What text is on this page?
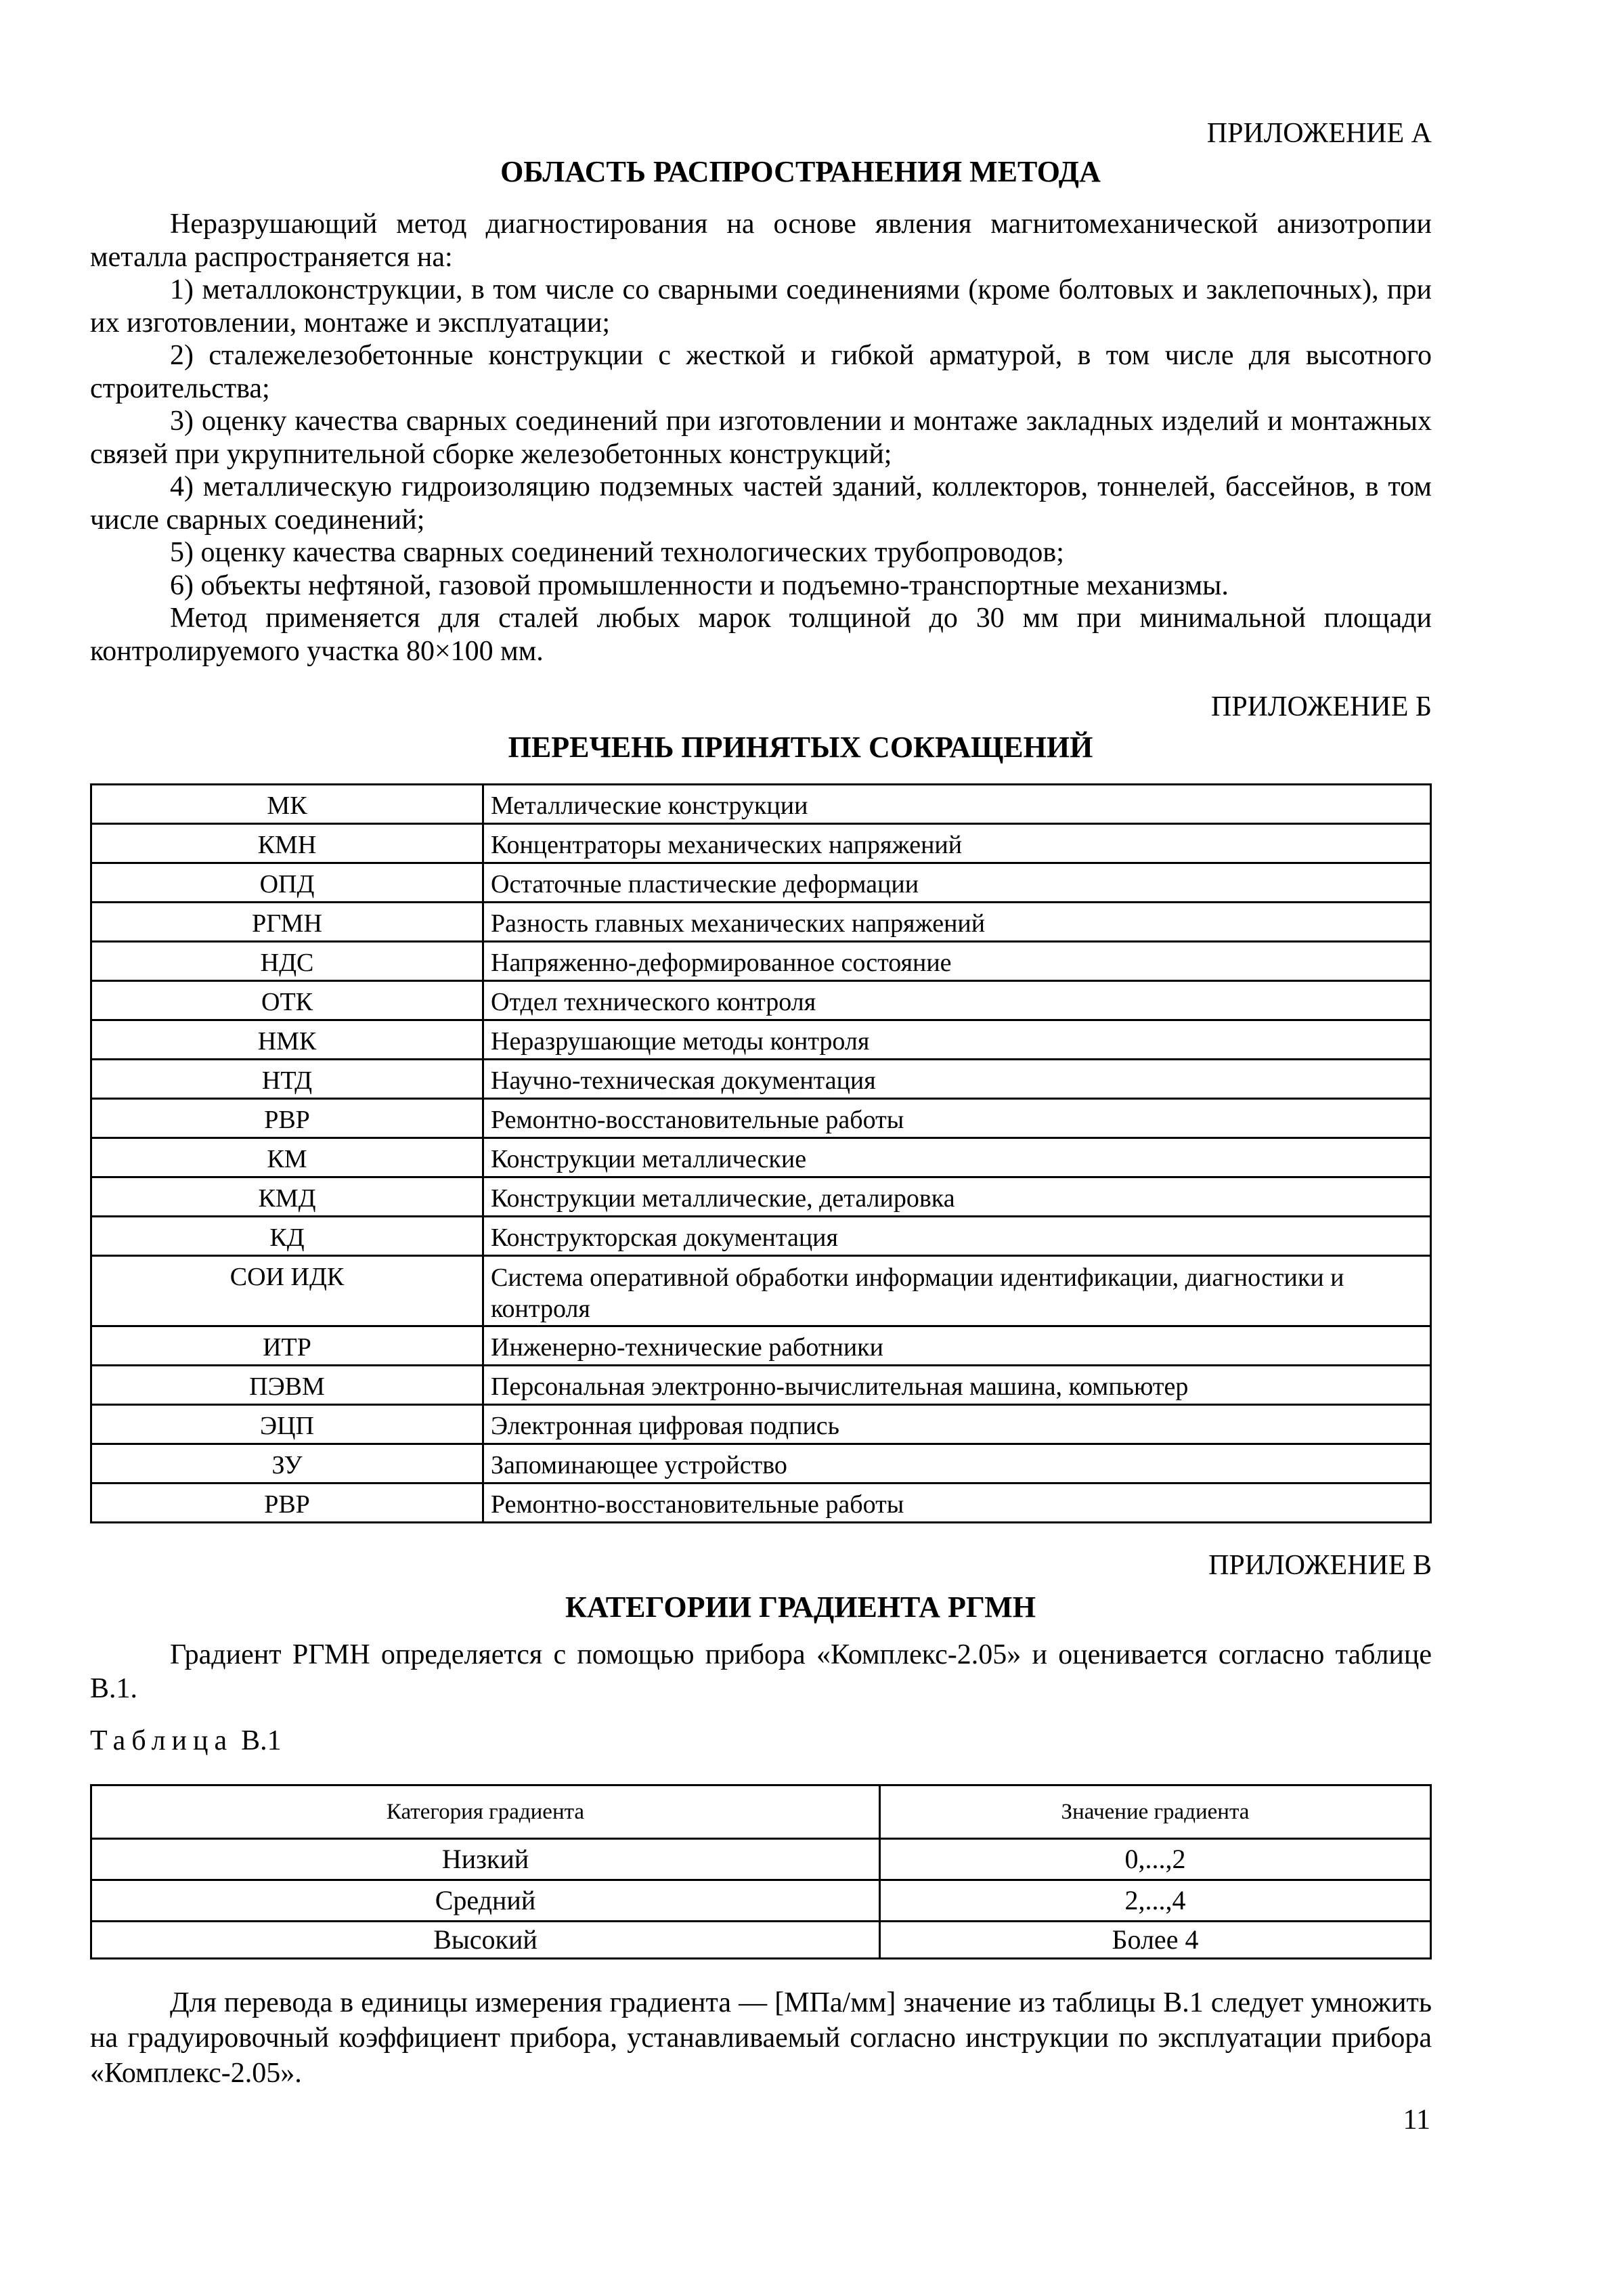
ПРИЛОЖЕНИЕ А
ОБЛАСТЬ РАСПРОСТРАНЕНИЯ МЕТОДА

Неразрушающий метод диагностирования на основе явления магнитомеханической анизотропии металла распространяется на:

1) металлоконструкции, в том числе со сварными соединениями (кроме болтовых и заклепочных), при их изготовлении, монтаже и эксплуатации;

2) сталежелезобетонные конструкции с жесткой и гибкой арматурой, в том числе для высотного строительства;

3) оценку качества сварных соединений при изготовлении и монтаже закладных изделий и монтажных связей при укрупнительной сборке железобетонных конструкций;

4) металлическую гидроизоляцию подземных частей зданий, коллекторов, тоннелей, бассейнов, в том числе сварных соединений;

5) оценку качества сварных соединений технологических трубопроводов;

6) объекты нефтяной, газовой промышленности и подъемно-транспортные механизмы.

Метод применяется для сталей любых марок толщиной до 30 мм при минимальной площади контролируемого участка 80×100 мм.

ПРИЛОЖЕНИЕ Б
ПЕРЕЧЕНЬ ПРИНЯТЫХ СОКРАЩЕНИЙ
МК	Металлические конструкции
КМН	Концентраторы механических напряжений
ОПД	Остаточные пластические деформации
РГМН	Разность главных механических напряжений
НДС	Напряженно-деформированное состояние
ОТК	Отдел технического контроля
НМК	Неразрушающие методы контроля
НТД	Научно-техническая документация
РВР	Ремонтно-восстановительные работы
КМ	Конструкции металлические
КМД	Конструкции металлические, деталировка
КД	Конструкторская документация
СОИ ИДК	Система оперативной обработки информации идентификации, диагностики и контроля
ИТР	Инженерно-технические работники
ПЭВМ	Персональная электронно-вычислительная машина, компьютер
ЭЦП	Электронная цифровая подпись
ЗУ	Запоминающее устройство
РВР	Ремонтно-восстановительные работы
ПРИЛОЖЕНИЕ В
КАТЕГОРИИ ГРАДИЕНТА РГМН

Градиент РГМН определяется с помощью прибора «Комплекс-2.05» и оценивается согласно таблице В.1.

Таблица В.1
Категория градиента	Значение градиента
Низкий	0,...,2
Средний	2,...,4
Высокий	Более 4

Для перевода в единицы измерения градиента — [МПа/мм] значение из таблицы В.1 следует умножить на градуировочный коэффициент прибора, устанавливаемый согласно инструкции по эксплуатации прибора «Комплекс-2.05».

11
